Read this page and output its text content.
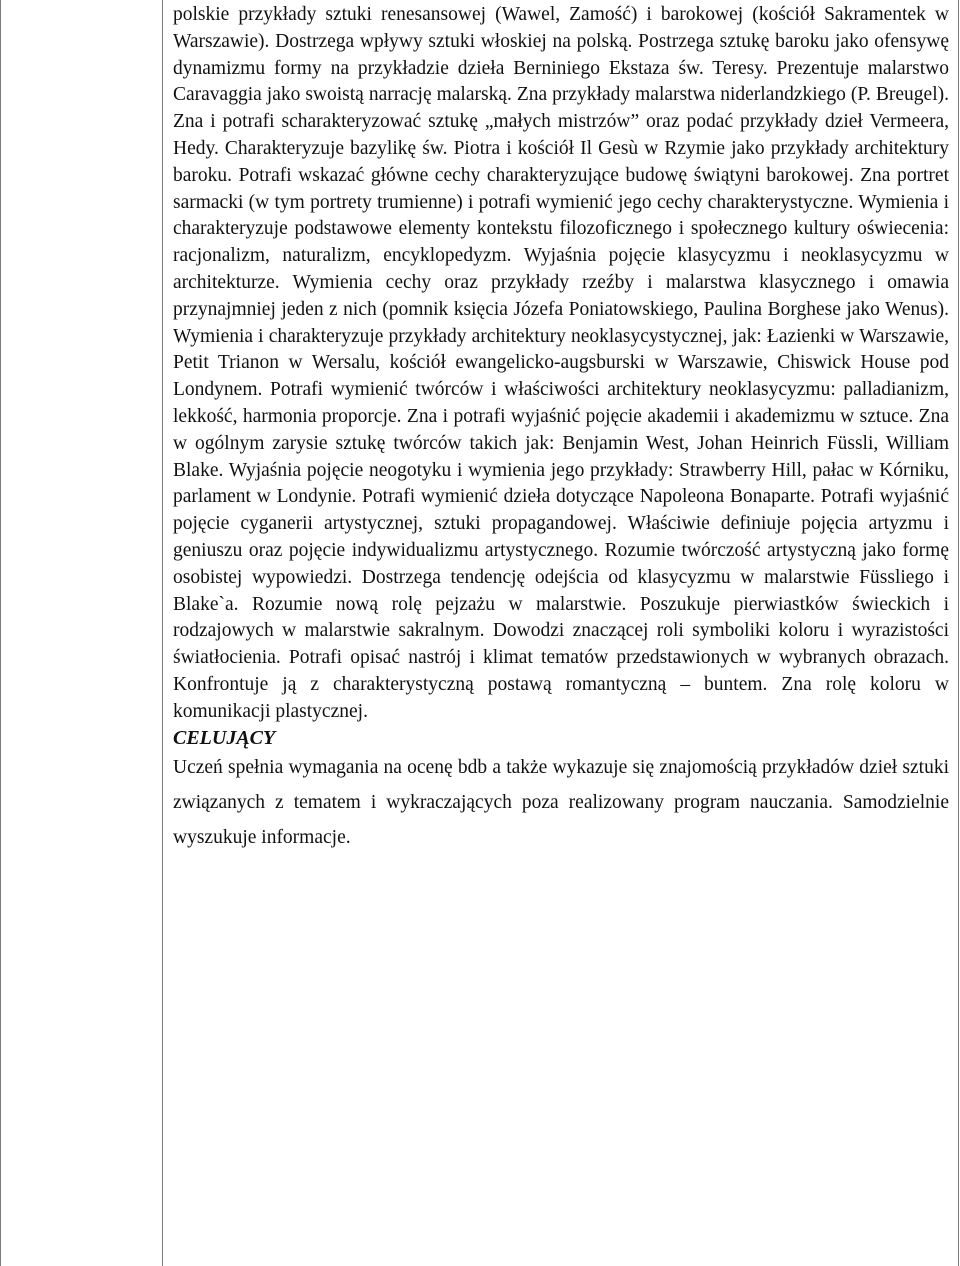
polskie przykłady sztuki renesansowej (Wawel, Zamość) i barokowej (kościół Sakramentek w Warszawie). Dostrzega wpływy sztuki włoskiej na polską. Postrzega sztukę baroku jako ofensywę dynamizmu formy na przykładzie dzieła Berniniego Ekstaza św. Teresy. Prezentuje malarstwo Caravaggia jako swoistą narrację malarską. Zna przykłady malarstwa niderlandzkiego (P. Breugel). Zna i potrafi scharakteryzować sztukę „małych mistrzów” oraz podać przykłady dzieł Vermeera, Hedy. Charakteryzuje bazylikę św. Piotra i kościół Il Gesù w Rzymie jako przykłady architektury baroku. Potrafi wskazać główne cechy charakteryzujące budowę świątyni barokowej. Zna portret sarmacki (w tym portrety trumienne) i potrafi wymienić jego cechy charakterystyczne. Wymienia i charakteryzuje podstawowe elementy kontekstu filozoficznego i społecznego kultury oświecenia: racjonalizm, naturalizm, encyklopedyzm. Wyjaśnia pojęcie klasycyzmu i neoklasycyzmu w architekturze. Wymienia cechy oraz przykłady rzeźby i malarstwa klasycznego i omawia przynajmniej jeden z nich (pomnik księcia Józefa Poniatowskiego, Paulina Borghese jako Wenus). Wymienia i charakteryzuje przykłady architektury neoklasycystycznej, jak: Łazienki w Warszawie, Petit Trianon w Wersalu, kościół ewangelicko-augsburski w Warszawie, Chiswick House pod Londynem. Potrafi wymienić twórców i właściwości architektury neoklasycyzmu: palladianizm, lekkość, harmonia proporcje. Zna i potrafi wyjaśnić pojęcie akademii i akademizmu w sztuce. Zna w ogólnym zarysie sztukę twórców takich jak: Benjamin West, Johan Heinrich Füssli, William Blake. Wyjaśnia pojęcie neogotyku i wymienia jego przykłady: Strawberry Hill, pałac w Kórniku, parlament w Londynie. Potrafi wymienić dzieła dotyczące Napoleona Bonaparte. Potrafi wyjaśnić pojęcie cyganerii artystycznej, sztuki propagandowej. Właściwie definiuje pojęcia artyzmu i geniuszu oraz pojęcie indywidualizmu artystycznego. Rozumie twórczość artystyczną jako formę osobistej wypowiedzi. Dostrzega tendencję odejścia od klasycyzmu w malarstwie Füssliego i Blake`a. Rozumie nową rolę pejzażu w malarstwie. Poszukuje pierwiastków świeckich i rodzajowych w malarstwie sakralnym. Dowodzi znaczącej roli symboliki koloru i wyrazistości światłocienia. Potrafi opisać nastrój i klimat tematów przedstawionych w wybranych obrazach. Konfrontuje ją z charakterystyczną postawą romantyczną – buntem. Zna rolę koloru w komunikacji plastycznej.

CELUJĄCY

Uczeń spełnia wymagania na ocenę bdb a także wykazuje się znajomością przykładów dzieł sztuki związanych z tematem i wykraczających poza realizowany program nauczania. Samodzielnie wyszukuje informacje.
